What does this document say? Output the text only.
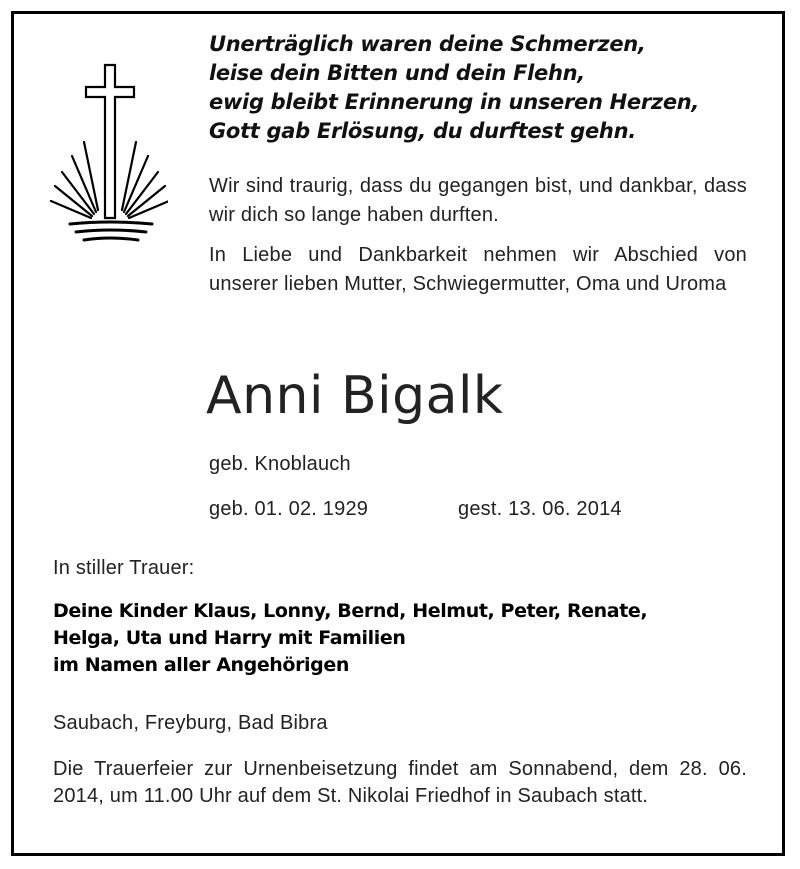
Unerträglich waren deine Schmerzen,
leise dein Bitten und dein Flehn,
ewig bleibt Erinnerung in unseren Herzen,
Gott gab Erlösung, du durftest gehn.

Wir sind traurig, dass du gegangen bist, und dankbar, dass wir dich so lange haben durften.

In Liebe und Dankbarkeit nehmen wir Abschied von unserer lieben Mutter, Schwiegermutter, Oma und Uroma

Anni Bigalk
geb. Knoblauch
geb. 01. 02. 1929	gest. 13. 06. 2014
In stiller Trauer:
Deine Kinder Klaus, Lonny, Bernd, Helmut, Peter, Renate,
Helga, Uta und Harry mit Familien
im Namen aller Angehörigen
Saubach, Freyburg, Bad Bibra

Die Trauerfeier zur Urnenbeisetzung findet am Sonnabend, dem 28. 06. 2014, um 11.00 Uhr auf dem St. Nikolai Friedhof in Saubach statt.
